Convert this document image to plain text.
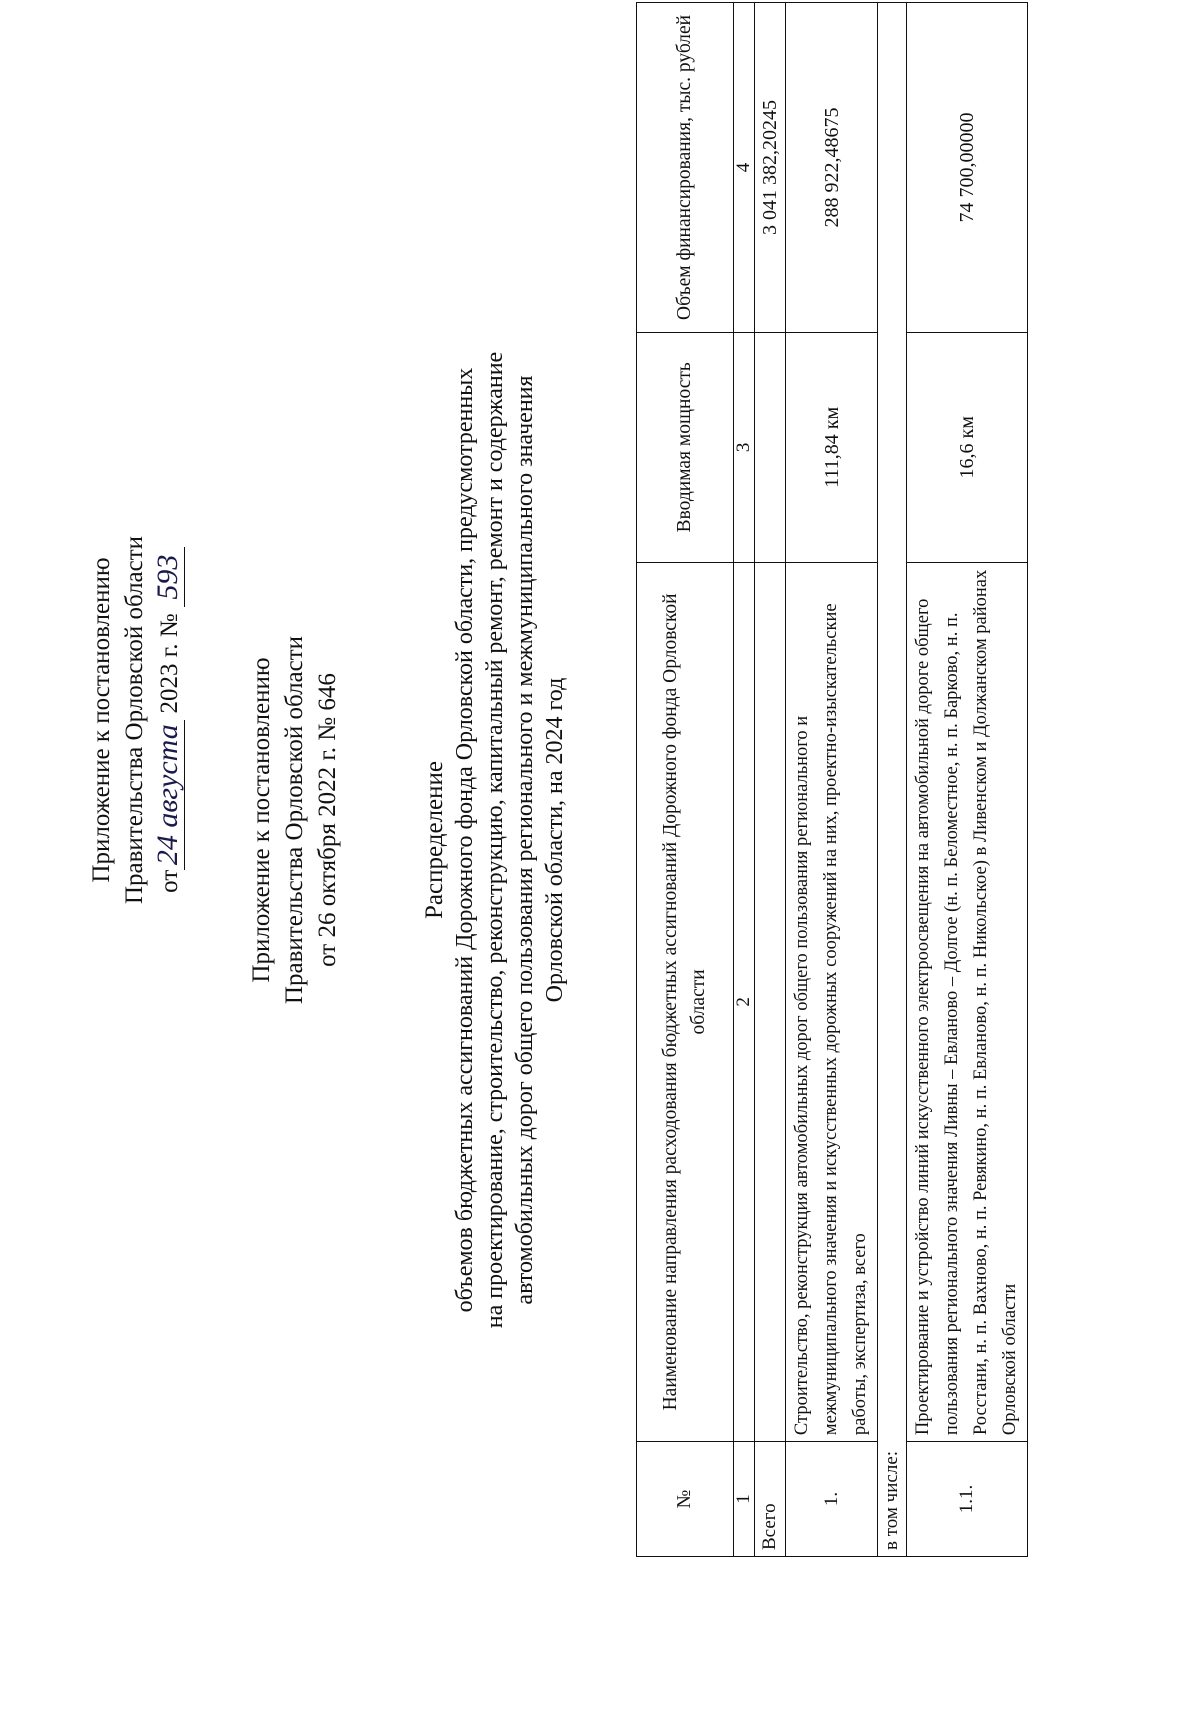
Приложение к постановлению Правительства Орловской области от24 августа 2023 г. № 593
Приложение к постановлению Правительства Орловской области от 26 октября 2022 г. № 646	Распределение объемов бюджетных ассигнований Дорожного фонда Орловской области, предусмотренных на проектирование, строительство, реконструкцию, капитальный ремонт, ремонт и содержание автомобильных дорог общего пользования регионального и межмуниципального значения Орловской области, на 2024 год
№	Наименование направления расходования бюджетных ассигнований Дорожного фонда Орловской области	Вводимая мощность	Объем финансирования, тыс. рублей
1	2	3	4
Всего			3 041 382,20245
1.	Строительство, реконструкция автомобильных дорог общего пользования регионального и межмуниципального значения и искусственных дорожных сооружений на них, проектно-изыскательские работы, экспертиза, всего	111,84 км	288 922,48675
в том числе:			
1.1.	Проектирование и устройство линий искусственного электроосвещения на автомобильной дороге общего пользования регионального значения Ливны – Евланово – Долгое (н. п. Беломестное, н. п. Барково, н. п. Росстани, н. п. Вахново, н. п. Ревякино, н. п. Евланово, н. п. Никольское) в Ливенском и Должанском районах Орловской области	16,6 км	74 700,00000
